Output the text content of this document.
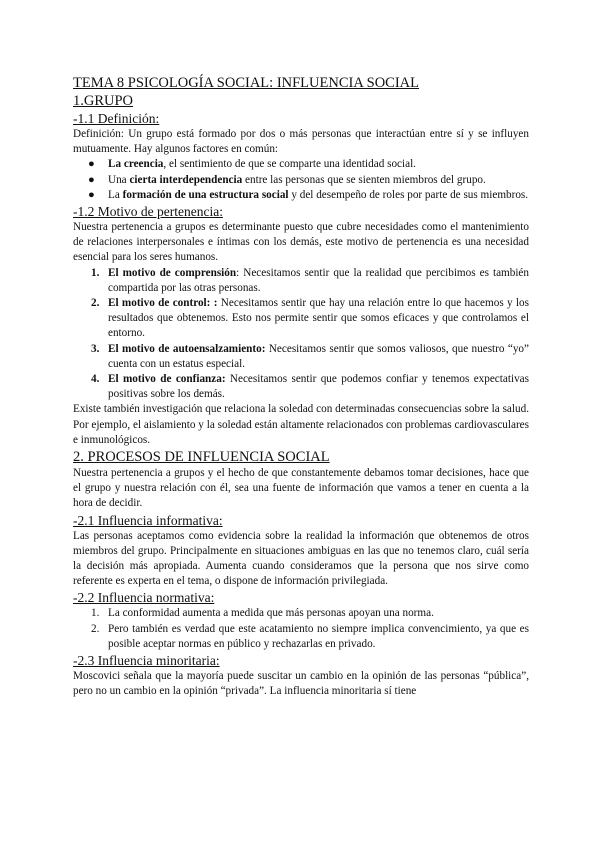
TEMA 8 PSICOLOGÍA SOCIAL: INFLUENCIA SOCIAL
1.GRUPO
-1.1 Definición:

Definición: Un grupo está formado por dos o más personas que interactúan entre sí y se influyen mutuamente. Hay algunos factores en común:

● La creencia, el sentimiento de que se comparte una identidad social.
● Una cierta interdependencia entre las personas que se sienten miembros del grupo.
● La formación de una estructura social y del desempeño de roles por parte de sus miembros.
-1.2 Motivo de pertenencia:

Nuestra pertenencia a grupos es determinante puesto que cubre necesidades como el mantenimiento de relaciones interpersonales e íntimas con los demás, este motivo de pertenencia es una necesidad esencial para los seres humanos.

1. El motivo de comprensión: Necesitamos sentir que la realidad que percibimos es también compartida por las otras personas.
2. El motivo de control: : Necesitamos sentir que hay una relación entre lo que hacemos y los resultados que obtenemos. Esto nos permite sentir que somos eficaces y que controlamos el entorno.
3. El motivo de autoensalzamiento: Necesitamos sentir que somos valiosos, que nuestro “yo” cuenta con un estatus especial.
4. El motivo de confianza: Necesitamos sentir que podemos confiar y tenemos expectativas positivas sobre los demás.

Existe también investigación que relaciona la soledad con determinadas consecuencias sobre la salud. Por ejemplo, el aislamiento y la soledad están altamente relacionados con problemas cardiovasculares e inmunológicos.

2. PROCESOS DE INFLUENCIA SOCIAL

Nuestra pertenencia a grupos y el hecho de que constantemente debamos tomar decisiones, hace que el grupo y nuestra relación con él, sea una fuente de información que vamos a tener en cuenta a la hora de decidir.

-2.1 Influencia informativa:

Las personas aceptamos como evidencia sobre la realidad la información que obtenemos de otros miembros del grupo. Principalmente en situaciones ambiguas en las que no tenemos claro, cuál sería la decisión más apropiada. Aumenta cuando consideramos que la persona que nos sirve como referente es experta en el tema, o dispone de información privilegiada.

-2.2 Influencia normativa:
1. La conformidad aumenta a medida que más personas apoyan una norma.
2. Pero también es verdad que este acatamiento no siempre implica convencimiento, ya que es posible aceptar normas en público y rechazarlas en privado.
-2.3 Influencia minoritaria:

Moscovici señala que la mayoría puede suscitar un cambio en la opinión de las personas “pública”, pero no un cambio en la opinión “privada”. La influencia minoritaria sí tiene
